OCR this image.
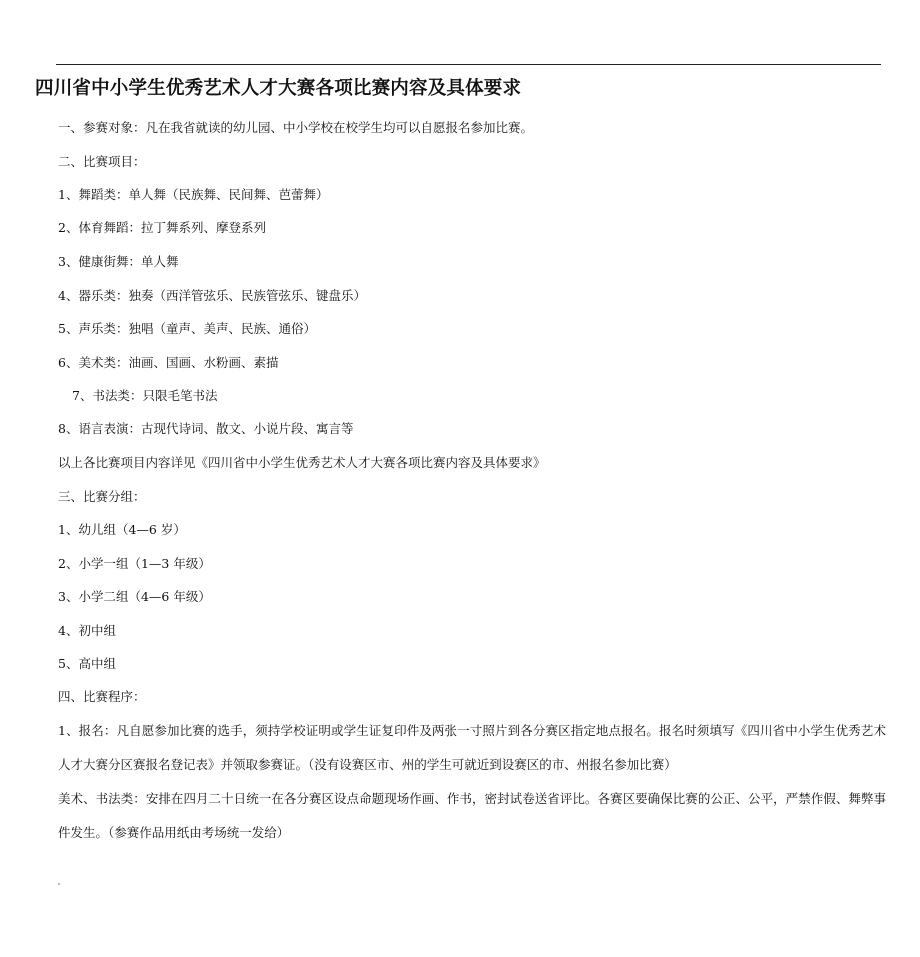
四川省中小学生优秀艺术人才大赛各项比赛内容及具体要求
一、参赛对象：凡在我省就读的幼儿园、中小学校在校学生均可以自愿报名参加比赛。
二、比赛项目：
1、舞蹈类：单人舞（民族舞、民间舞、芭蕾舞）
2、体育舞蹈：拉丁舞系列、摩登系列
3、健康街舞：单人舞
4、器乐类：独奏（西洋管弦乐、民族管弦乐、键盘乐）
5、声乐类：独唱（童声、美声、民族、通俗）
6、美术类：油画、国画、水粉画、素描
7、书法类：只限毛笔书法
8、语言表演：古现代诗词、散文、小说片段、寓言等
以上各比赛项目内容详见《四川省中小学生优秀艺术人才大赛各项比赛内容及具体要求》
三、比赛分组：
1、幼儿组（4—6 岁）
2、小学一组（1—3 年级）
3、小学二组（4—6 年级）
4、初中组
5、高中组
四、比赛程序：
1、报名：凡自愿参加比赛的选手，须持学校证明或学生证复印件及两张一寸照片到各分赛区指定地点报名。报名时须填写《四川省中小学生优秀艺术人才大赛分区赛报名登记表》并领取参赛证。（没有设赛区市、州的学生可就近到设赛区的市、州报名参加比赛）
美术、书法类：安排在四月二十日统一在各分赛区设点命题现场作画、作书，密封试卷送省评比。各赛区要确保比赛的公正、公平，严禁作假、舞弊事件发生。（参赛作品用纸由考场统一发给）
